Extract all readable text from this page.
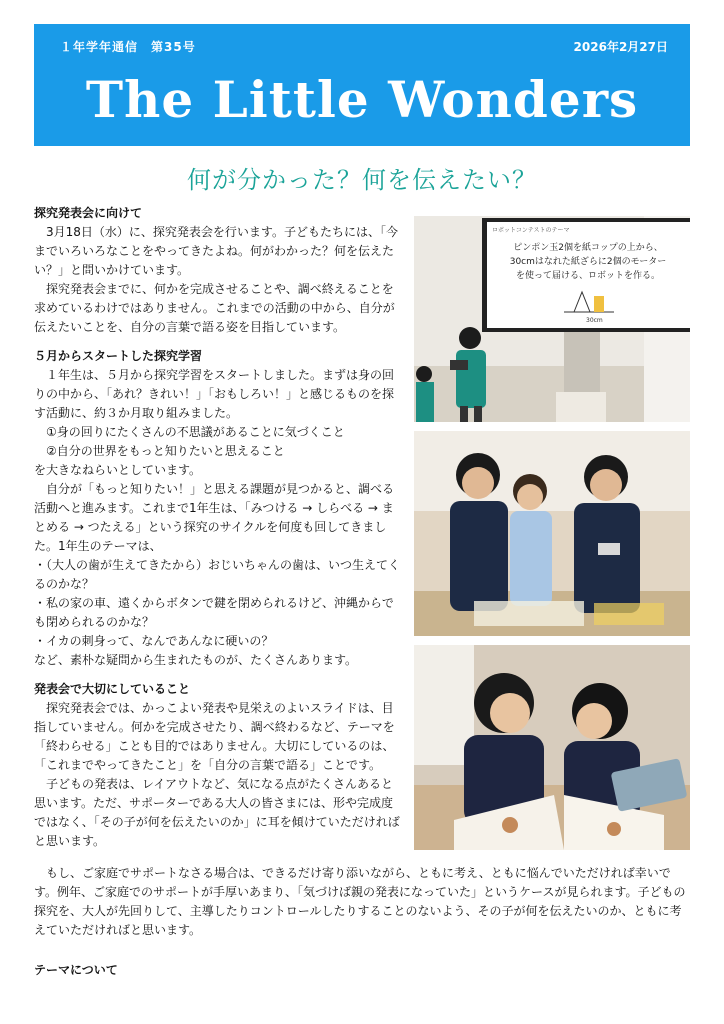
１年学年通信　第35号	2026年2月27日
The Little Wonders
何が分かった？何を伝えたい？

探究発表会に向けて

　3月18日（水）に、探究発表会を行います。子どもたちには、「今までいろいろなことをやってきたよね。何がわかった？何を伝えたい？」と問いかけています。

　探究発表会までに、何かを完成させることや、調べ終えることを求めているわけではありません。これまでの活動の中から、自分が伝えたいことを、自分の言葉で語る姿を目指しています。

５月からスタートした探究学習

　１年生は、５月から探究学習をスタートしました。まずは身の回りの中から、「あれ？きれい！」「おもしろい！」と感じるものを探す活動に、約３か月取り組みました。

　①身の回りにたくさんの不思議があることに気づくこと

　②自分の世界をもっと知りたいと思えること

を大きなねらいとしています。

　自分が「もっと知りたい！」と思える課題が見つかると、調べる活動へと進みます。これまで1年生は、「みつける → しらべる → まとめる → つたえる」という探究のサイクルを何度も回してきました。1年生のテーマは、

・（大人の歯が生えてきたから）おじいちゃんの歯は、いつ生えてくるのかな？

・私の家の車、遠くからボタンで鍵を閉められるけど、沖縄からでも閉められるのかな？

・イカの刺身って、なんであんなに硬いの？

など、素朴な疑問から生まれたものが、たくさんあります。

発表会で大切にしていること

　探究発表会では、かっこよい発表や見栄えのよいスライドは、目指していません。何かを完成させたり、調べ終わるなど、テーマを「終わらせる」ことも目的ではありません。大切にしているのは、「これまでやってきたこと」を「自分の言葉で語る」ことです。

　子どもの発表は、レイアウトなど、気になる点がたくさんあると思います。ただ、サポーターである大人の皆さまには、形や完成度ではなく、「その子が何を伝えたいのか」に耳を傾けていただければと思います。

　もし、ご家庭でサポートなさる場合は、できるだけ寄り添いながら、ともに考え、ともに悩んでいただければ幸いです。例年、ご家庭でのサポートが手厚いあまり、「気づけば親の発表になっていた」というケースが見られます。子どもの探究を、大人が先回りして、主導したりコントロールしたりすることのないよう、その子が何を伝えたいのか、ともに考えていただければと思います。

テーマについて
ロボットコンテストのテーマ
ピンポン玉2個を紙コップの上から、
30cmはなれた紙ざらに2個のモーター
を使って届ける、ロボットを作る。
30cm
